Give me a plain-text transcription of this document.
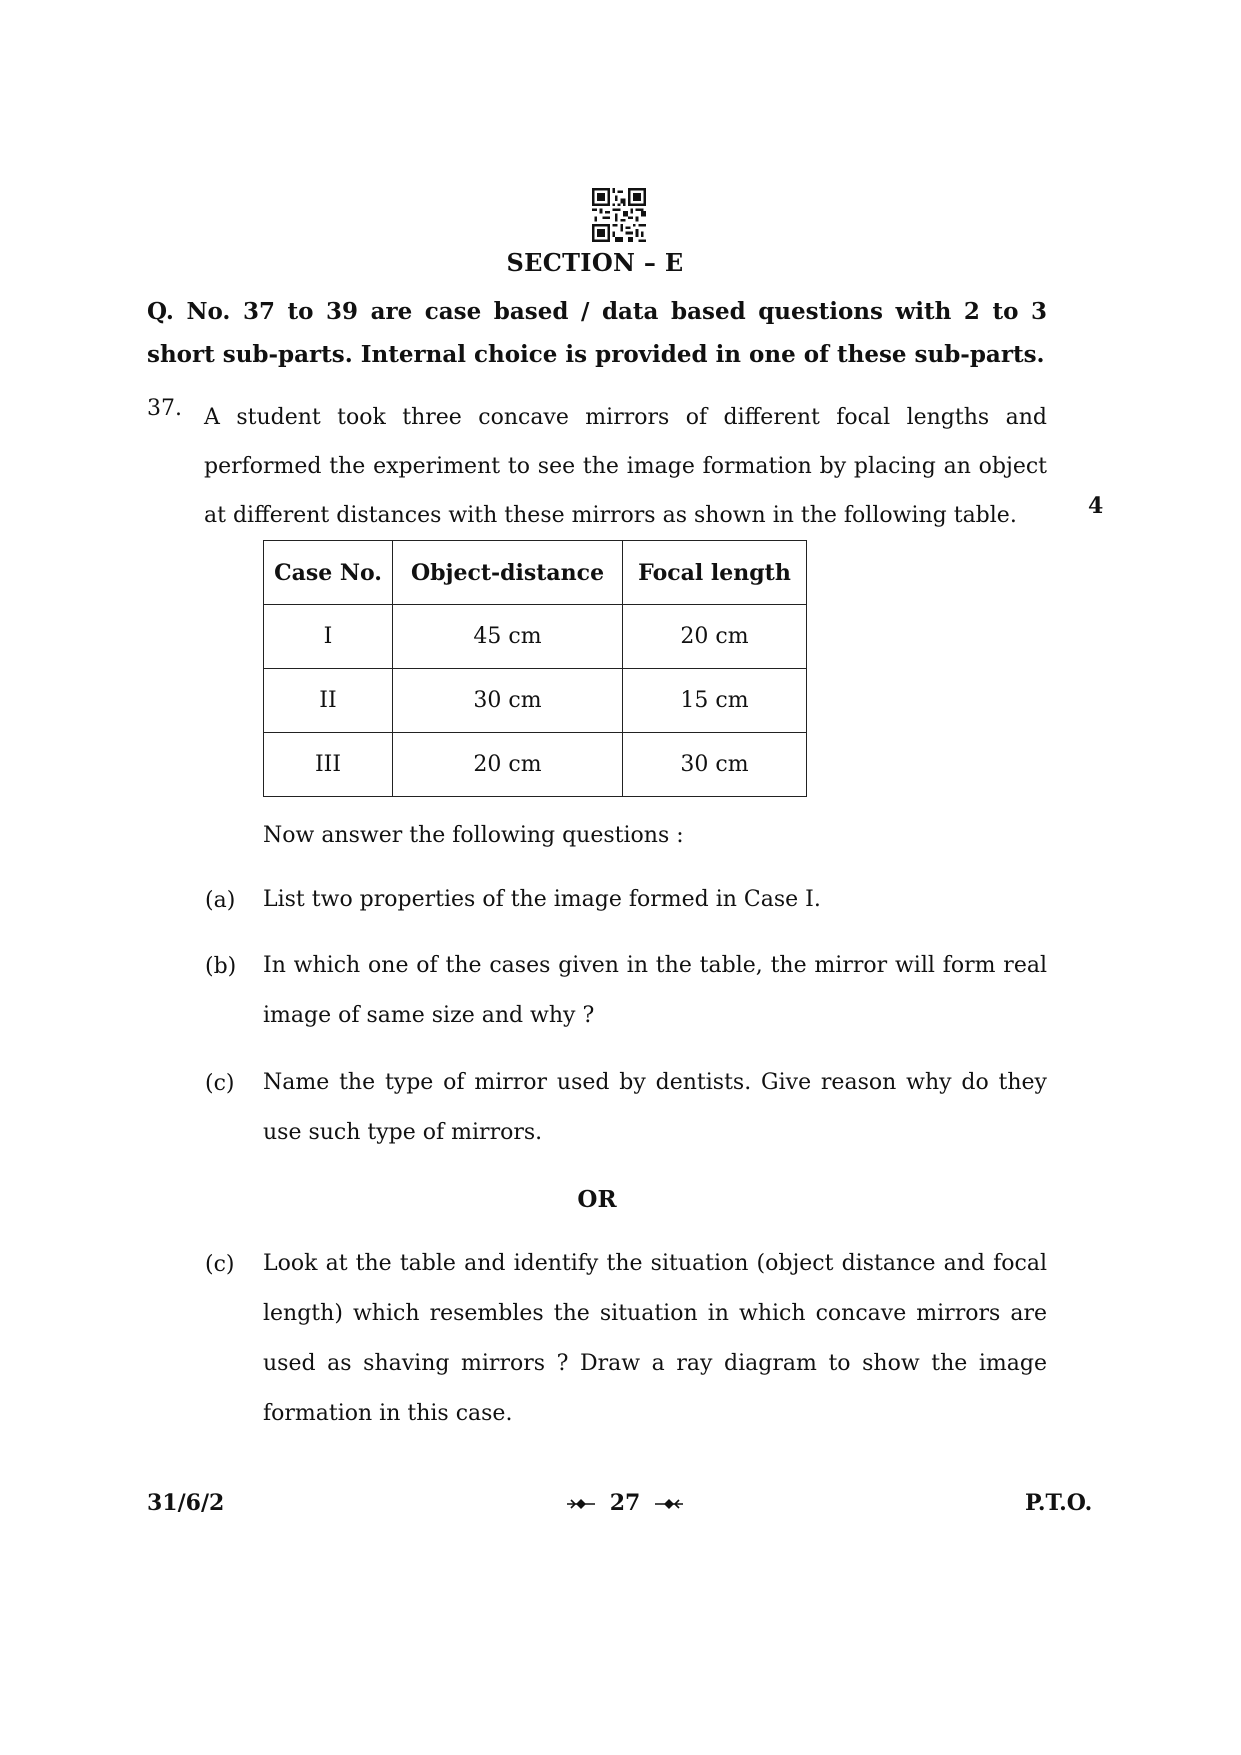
SECTION – E
Q. No. 37 to 39 are case based / data based questions with 2 to 3 short sub-parts. Internal choice is provided in one of these sub-parts.
37. A student took three concave mirrors of different focal lengths and performed the experiment to see the image formation by placing an object at different distances with these mirrors as shown in the following table.	4
Case No.	Object-distance	Focal length
I	45 cm	20 cm
II	30 cm	15 cm
III	20 cm	30 cm
Now answer the following questions :
(a) List two properties of the image formed in Case I.
(b) In which one of the cases given in the table, the mirror will form real image of same size and why ?
(c) Name the type of mirror used by dentists. Give reason why do they use such type of mirrors.
OR
(c) Look at the table and identify the situation (object distance and focal length) which resembles the situation in which concave mirrors are used as shaving mirrors ? Draw a ray diagram to show the image formation in this case.
31/6/2	27	P.T.O.
